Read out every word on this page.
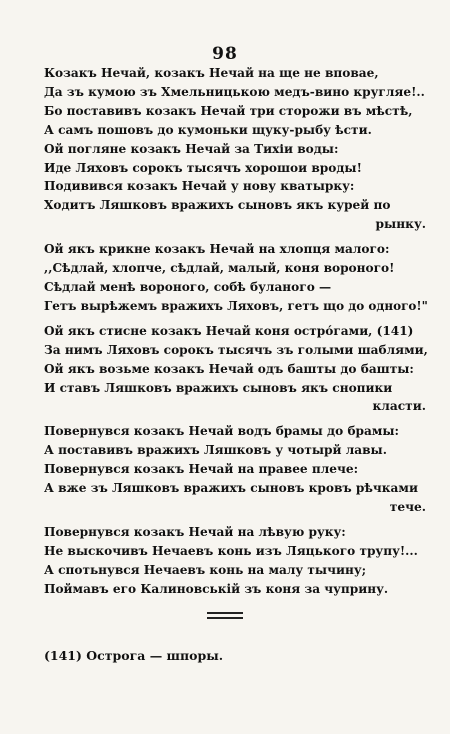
98
Козакъ Нечай, козакъ Нечай на ще не вповае,
Да зъ кумою зъ Хмельницькою медъ-вино кругляе!..
Бо поставивъ козакъ Нечай три сторожи въ мѣстѣ,
А самъ пошовъ до кумоньки щуку-рыбу ѣсти.
Ой погляне козакъ Нечай за Тихіи воды:
Иде Ляховъ сорокъ тысячъ хорошои вроды!
Подивився козакъ Нечай у нову кватырку:
Ходитъ Ляшковъ вражихъ сыновъ якъ курей по
рынку.
Ой якъ крикне козакъ Нечай на хлопця малого:
,,Сѣдлай, хлопче, сѣдлай, малый, коня вороного!
Сѣдлай менѣ вороного, собѣ буланого —
Гетъ вырѣжемъ вражихъ Ляховъ, гетъ що до одного!"
Ой якъ стисне козакъ Нечай коня остро́гами, (141)
За нимъ Ляховъ сорокъ тысячъ зъ голыми шаблями,
Ой якъ возьме козакъ Нечай одъ башты до башты:
И ставъ Ляшковъ вражихъ сыновъ якъ снопики
класти.
Повернувся козакъ Нечай водъ брамы до брамы:
А поставивъ вражихъ Ляшковъ у чотырй лавы.
Повернувся козакъ Нечай на правее плече:
А вже зъ Ляшковъ вражихъ сыновъ кровъ рѣчками
тече.
Повернувся козакъ Нечай на лѣвую руку:
Не выскочивъ Нечаевъ конь изъ Ляцького трупу!...
А спотьнувся Нечаевъ конь на малу тычину;
Поймавъ его Калиновськiй зъ коня за чуприну.
(141) Острога — шпоры.
